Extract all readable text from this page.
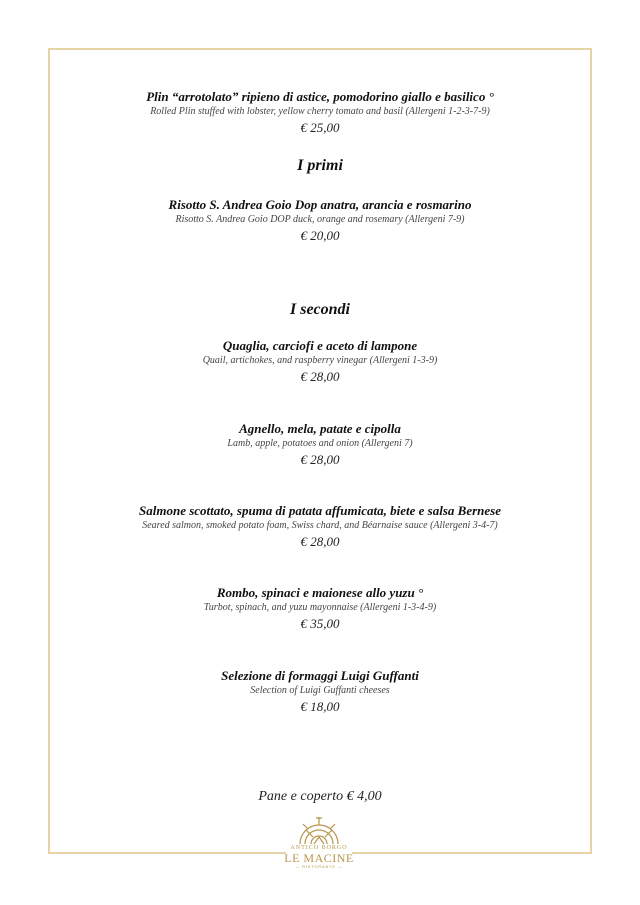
Plin “arrotolato” ripieno di astice, pomodorino giallo e basilico °
Rolled Plin stuffed with lobster, yellow cherry tomato and basil (Allergeni 1-2-3-7-9)
€ 25,00
I primi
Risotto S. Andrea Goio Dop anatra, arancia e rosmarino
Risotto S. Andrea Goio DOP duck, orange and rosemary (Allergeni 7-9)
€ 20,00
I secondi
Quaglia, carciofi e aceto di lampone
Quail, artichokes, and raspberry vinegar (Allergeni 1-3-9)
€ 28,00
Agnello, mela, patate e cipolla
Lamb, apple, potatoes and onion (Allergeni 7)
€ 28,00
Salmone scottato, spuma di patata affumicata, biete e salsa Bernese
Seared salmon, smoked potato foam, Swiss chard, and Béarnaise sauce (Allergeni 3-4-7)
€ 28,00
Rombo, spinaci e maionese allo yuzu °
Turbot, spinach, and yuzu mayonnaise (Allergeni 1-3-4-9)
€ 35,00
Selezione di formaggi Luigi Guffanti
Selection of Luigi Guffanti cheeses
€ 18,00
Pane e coperto € 4,00
ANTICO BORGO
LE MACINE
— RISTORANTE —
